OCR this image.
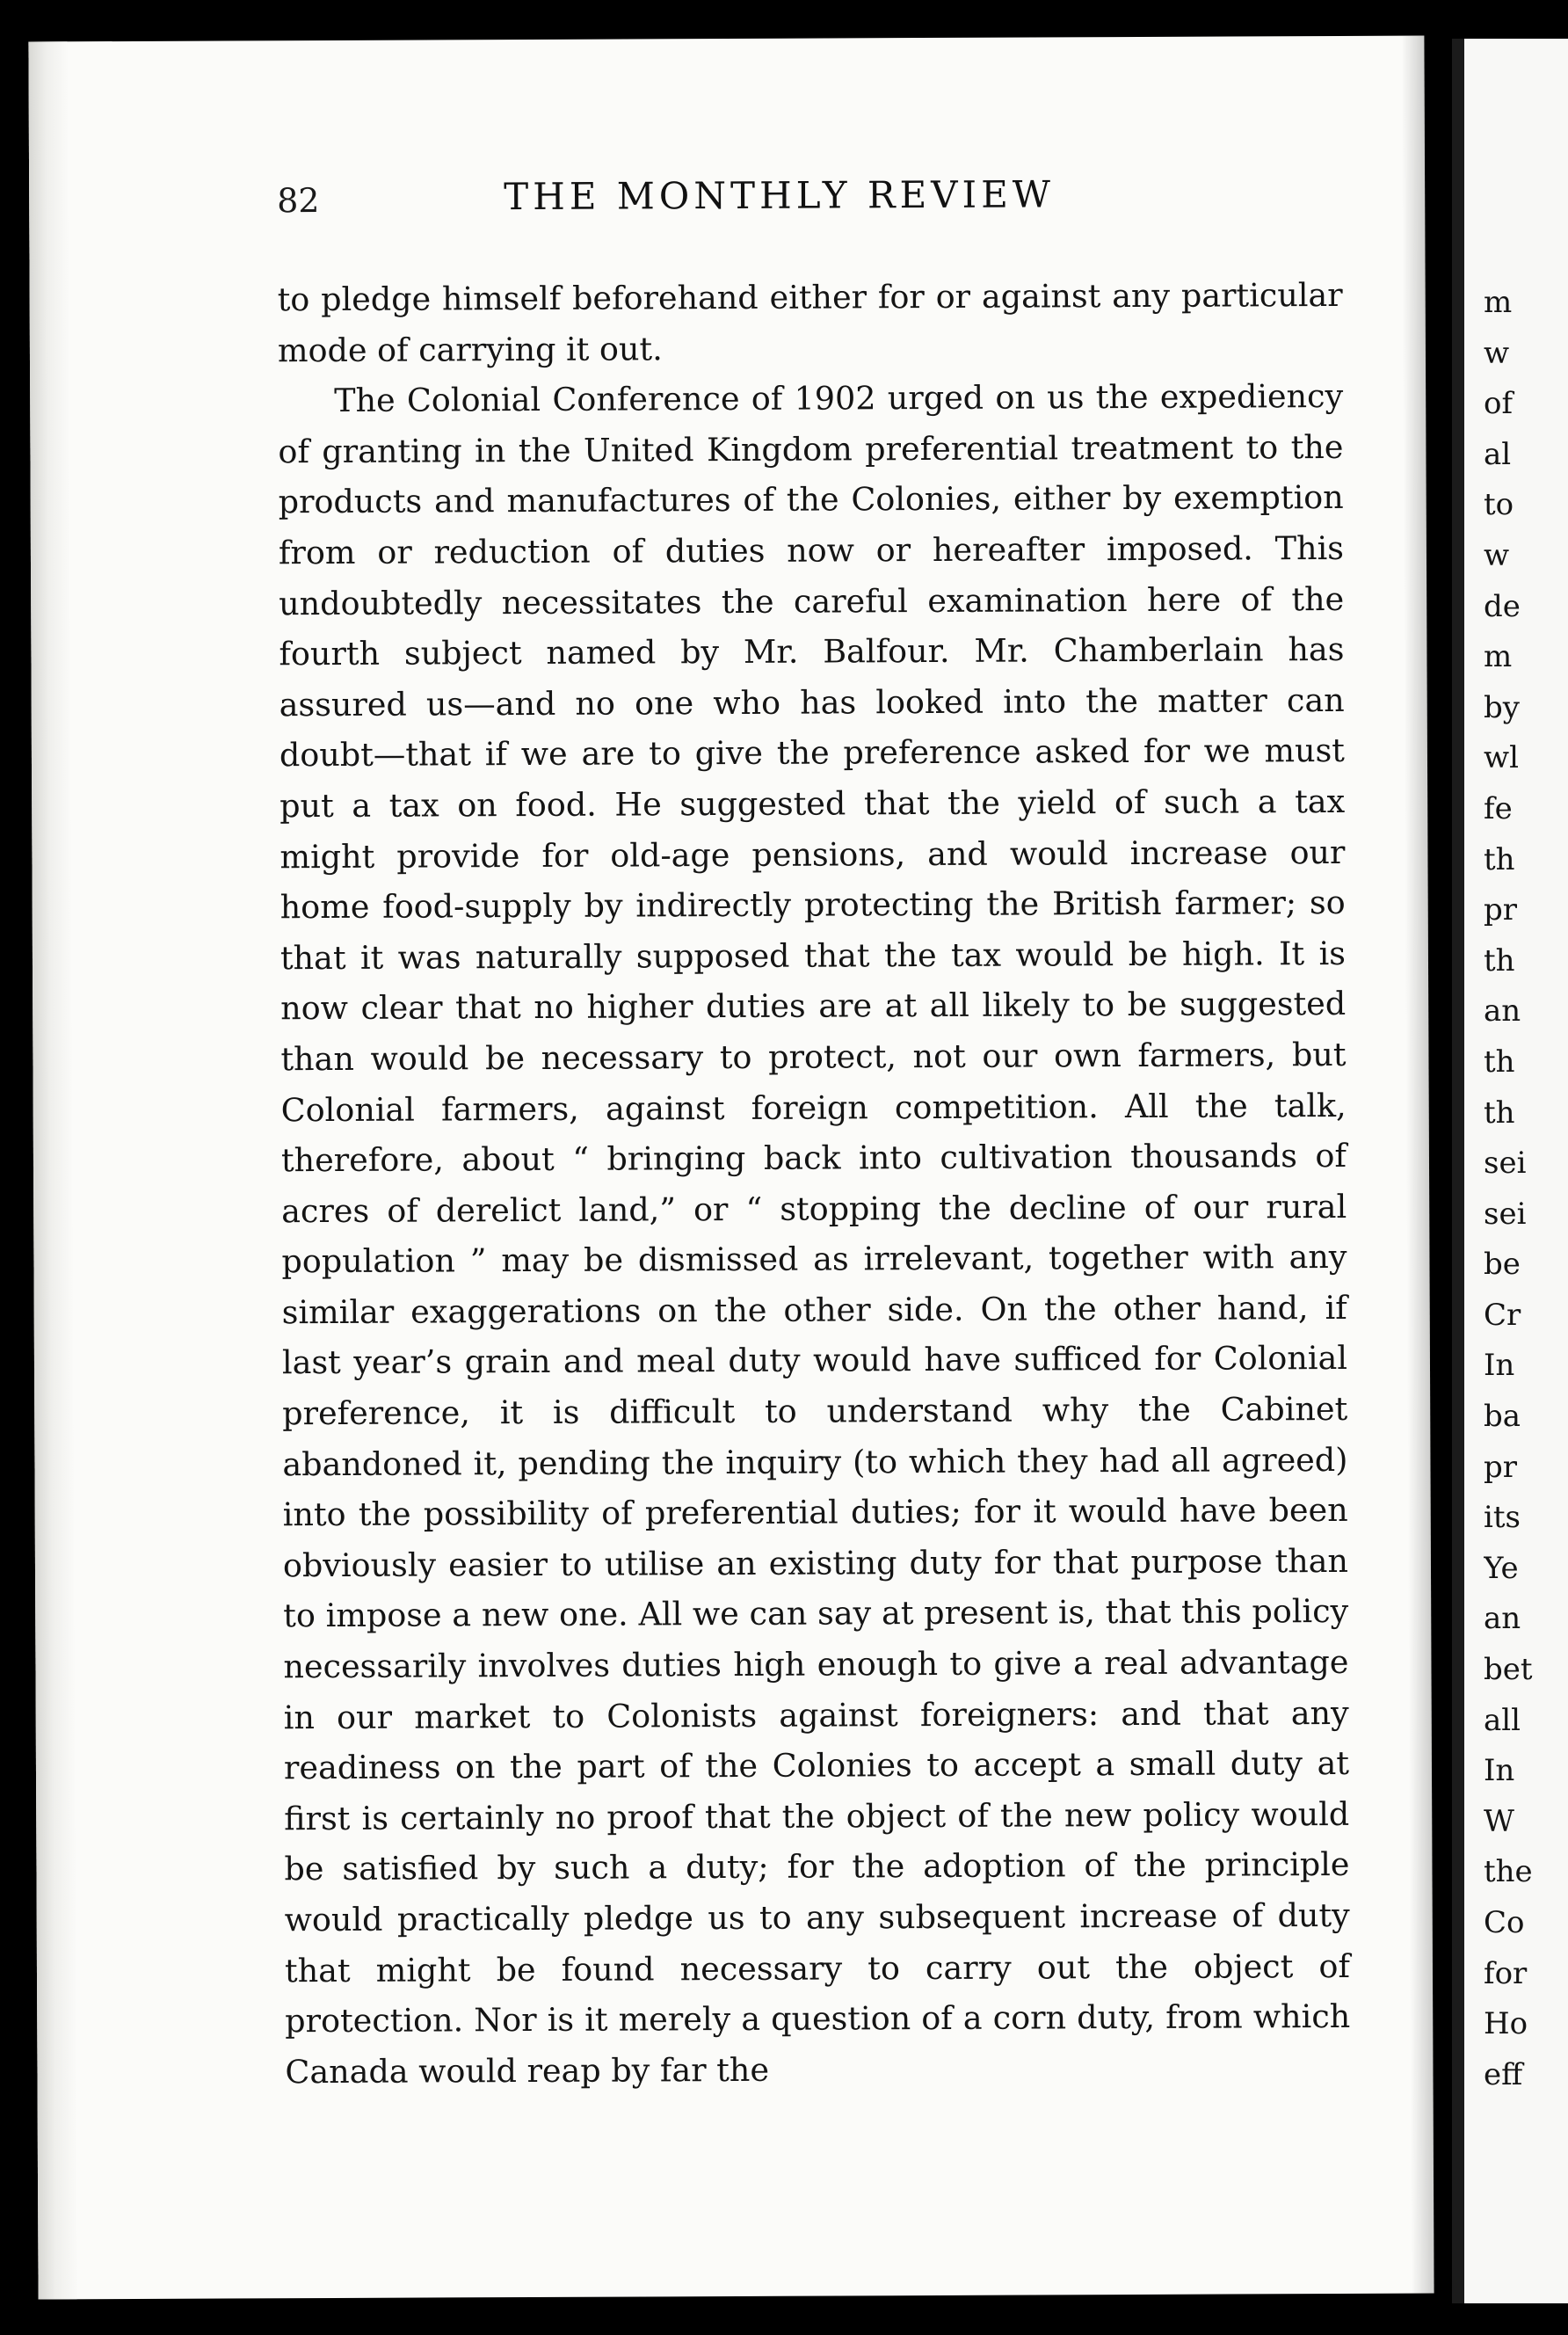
82	THE MONTHLY REVIEW

to pledge himself beforehand either for or against any particular mode of carrying it out.

The Colonial Conference of 1902 urged on us the expediency of granting in the United Kingdom preferential treatment to the products and manufactures of the Colonies, either by exemption from or reduction of duties now or hereafter imposed. This undoubtedly necessitates the careful examination here of the fourth subject named by Mr. Balfour. Mr. Chamberlain has assured us—and no one who has looked into the matter can doubt—that if we are to give the preference asked for we must put a tax on food. He suggested that the yield of such a tax might provide for old-age pensions, and would increase our home food-supply by indirectly protecting the British farmer; so that it was naturally supposed that the tax would be high. It is now clear that no higher duties are at all likely to be suggested than would be necessary to protect, not our own farmers, but Colonial farmers, against foreign competition. All the talk, therefore, about “ bringing back into cultivation thousands of acres of derelict land,” or “ stopping the decline of our rural population ” may be dismissed as irrelevant, together with any similar exaggerations on the other side. On the other hand, if last year’s grain and meal duty would have sufficed for Colonial preference, it is difficult to understand why the Cabinet abandoned it, pending the inquiry (to which they had all agreed) into the possibility of preferential duties; for it would have been obviously easier to utilise an existing duty for that purpose than to impose a new one. All we can say at present is, that this policy necessarily involves duties high enough to give a real advantage in our market to Colonists against foreigners: and that any readiness on the part of the Colonies to accept a small duty at first is certainly no proof that the object of the new policy would be satisfied by such a duty; for the adoption of the principle would practically pledge us to any subsequent increase of duty that might be found necessary to carry out the object of protection. Nor is it merely a question of a corn duty, from which Canada would reap by far the

m
w
of
al
to
w
de
m
by
wl
fe
th
pr
th
an
th
th
sei
sei
be
Cr
In
ba
pr
its
Ye
an
bet
all
In
W
the
Co
for
Ho
eff
